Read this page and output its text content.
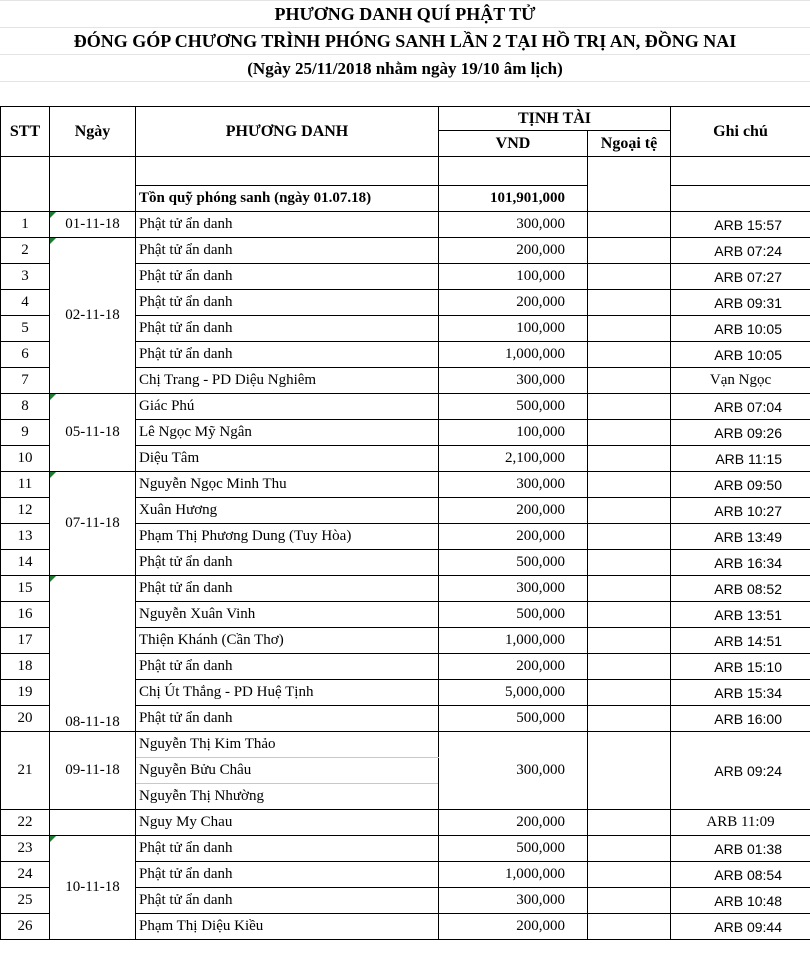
PHƯƠNG DANH QUÍ PHẬT TỬ
ĐÓNG GÓP CHƯƠNG TRÌNH PHÓNG SANH LẦN 2 TẠI HỒ TRỊ AN, ĐỒNG NAI
(Ngày 25/11/2018 nhằm ngày 19/10 âm lịch)
STT	Ngày	PHƯƠNG DANH	TỊNH TÀI		Ghi chú
			VND	Ngoại tệ	

		Tồn quỹ phóng sanh (ngày 01.07.18)	101,901,000		
1	01-11-18	Phật tử ẩn danh	300,000		ARB 15:57
2	02-11-18	Phật tử ẩn danh	200,000		ARB 07:24
3		Phật tử ẩn danh	100,000		ARB 07:27
4		Phật tử ẩn danh	200,000		ARB 09:31
5		Phật tử ẩn danh	100,000		ARB 10:05
6		Phật tử ẩn danh	1,000,000		ARB 10:05
7		Chị Trang - PD Diệu Nghiêm	300,000		Vạn Ngọc
8	05-11-18	Giác Phú	500,000		ARB 07:04
9		Lê Ngọc Mỹ Ngân	100,000		ARB 09:26
10		Diệu Tâm	2,100,000		ARB 11:15
11	07-11-18	Nguyễn Ngọc Minh Thu	300,000		ARB 09:50
12		Xuân Hương	200,000		ARB 10:27
13		Phạm Thị Phương Dung (Tuy Hòa)	200,000		ARB 13:49
14		Phật tử ẩn danh	500,000		ARB 16:34
15	08-11-18	Phật tử ẩn danh	300,000		ARB 08:52
16		Nguyễn Xuân Vinh	500,000		ARB 13:51
17		Thiện Khánh (Cần Thơ)	1,000,000		ARB 14:51
18		Phật tử ẩn danh	200,000		ARB 15:10
19		Chị Út Thắng - PD Huệ Tịnh	5,000,000		ARB 15:34
20		Phật tử ẩn danh	500,000		ARB 16:00
21	09-11-18	Nguyễn Thị Kim Thảo	300,000		ARB 09:24
		Nguyễn Bửu Châu			
		Nguyễn Thị Nhường			
22		Nguy My Chau	200,000		ARB 11:09
23	10-11-18	Phật tử ẩn danh	500,000		ARB 01:38
24		Phật tử ẩn danh	1,000,000		ARB 08:54
25		Phật tử ẩn danh	300,000		ARB 10:48
26		Phạm Thị Diệu Kiều	200,000		ARB 09:44
